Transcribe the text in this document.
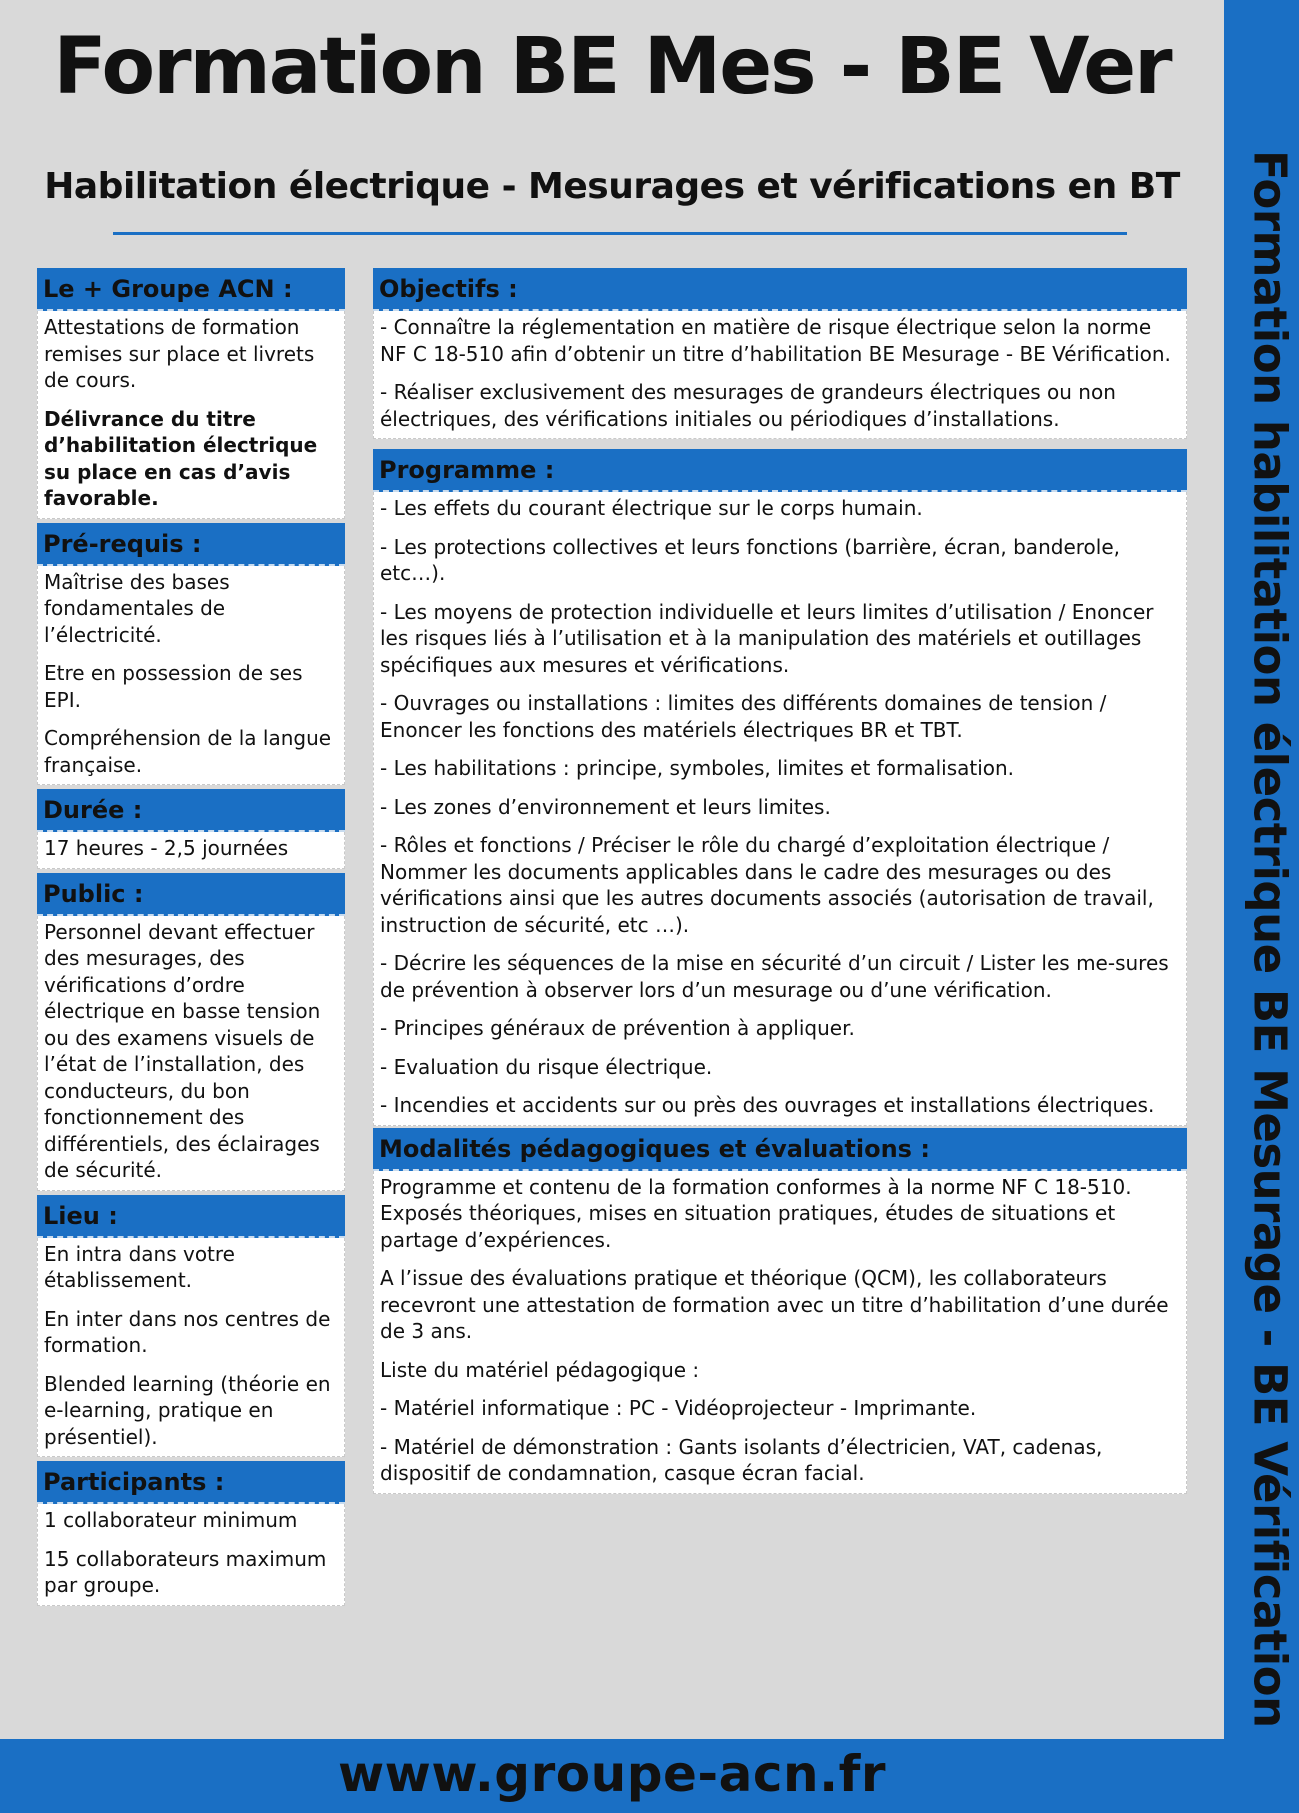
Formation BE Mes - BE Ver
Habilitation électrique - Mesurages et vérifications en BT	Formation habilitation électrique BE Mesurage - BE Vérification
Le + Groupe ACN :

Attestations de formation remises sur place et livrets de cours.

Délivrance du titre d’habilitation électrique su place en cas d’avis favorable.

Pré-requis :

Maîtrise des bases fondamentales de l’électricité.

Etre en possession de ses EPI.

Compréhension de la langue française.

Durée :

17 heures - 2,5 journées

Public :

Personnel devant effectuer des mesurages, des vérifications d’ordre électrique en basse tension ou des examens visuels de l’état de l’installation, des conducteurs, du bon fonctionnement des différentiels, des éclairages de sécurité.

Lieu :

En intra dans votre établissement.

En inter dans nos centres de formation.

Blended learning (théorie en e-learning, pratique en présentiel).

Participants :

1 collaborateur minimum

15 collaborateurs maximum par groupe.

Objectifs :

- Connaître la réglementation en matière de risque électrique selon la norme NF C 18-510 afin d’obtenir un titre d’habilitation BE Mesurage - BE Vérification.

- Réaliser exclusivement des mesurages de grandeurs électriques ou non électriques, des vérifications initiales ou périodiques d’installations.

Programme :

- Les effets du courant électrique sur le corps humain.

- Les protections collectives et leurs fonctions (barrière, écran, banderole, etc…).

- Les moyens de protection individuelle et leurs limites d’utilisation / Enoncer les risques liés à l’utilisation et à la manipulation des matériels et outillages spécifiques aux mesures et vérifications.

- Ouvrages ou installations : limites des différents domaines de tension / Enoncer les fonctions des matériels électriques BR et TBT.

- Les habilitations : principe, symboles, limites et formalisation.

- Les zones d’environnement et leurs limites.

- Rôles et fonctions / Préciser le rôle du chargé d’exploitation électrique / Nommer les documents applicables dans le cadre des mesurages ou des vérifications ainsi que les autres documents associés (autorisation de travail, instruction de sécurité, etc …).

- Décrire les séquences de la mise en sécurité d’un circuit / Lister les me-sures de prévention à observer lors d’un mesurage ou d’une vérification.

- Principes généraux de prévention à appliquer.

- Evaluation du risque électrique.

- Incendies et accidents sur ou près des ouvrages et installations électriques.

Modalités pédagogiques et évaluations :

Programme et contenu de la formation conformes à la norme NF C 18-510. Exposés théoriques, mises en situation pratiques, études de situations et partage d’expériences.

A l’issue des évaluations pratique et théorique (QCM), les collaborateurs recevront une attestation de formation avec un titre d’habilitation d’une durée de 3 ans.

Liste du matériel pédagogique :

- Matériel informatique : PC - Vidéoprojecteur - Imprimante.

- Matériel de démonstration : Gants isolants d’électricien, VAT, cadenas, dispositif de condamnation, casque écran facial.

www.groupe-acn.fr
